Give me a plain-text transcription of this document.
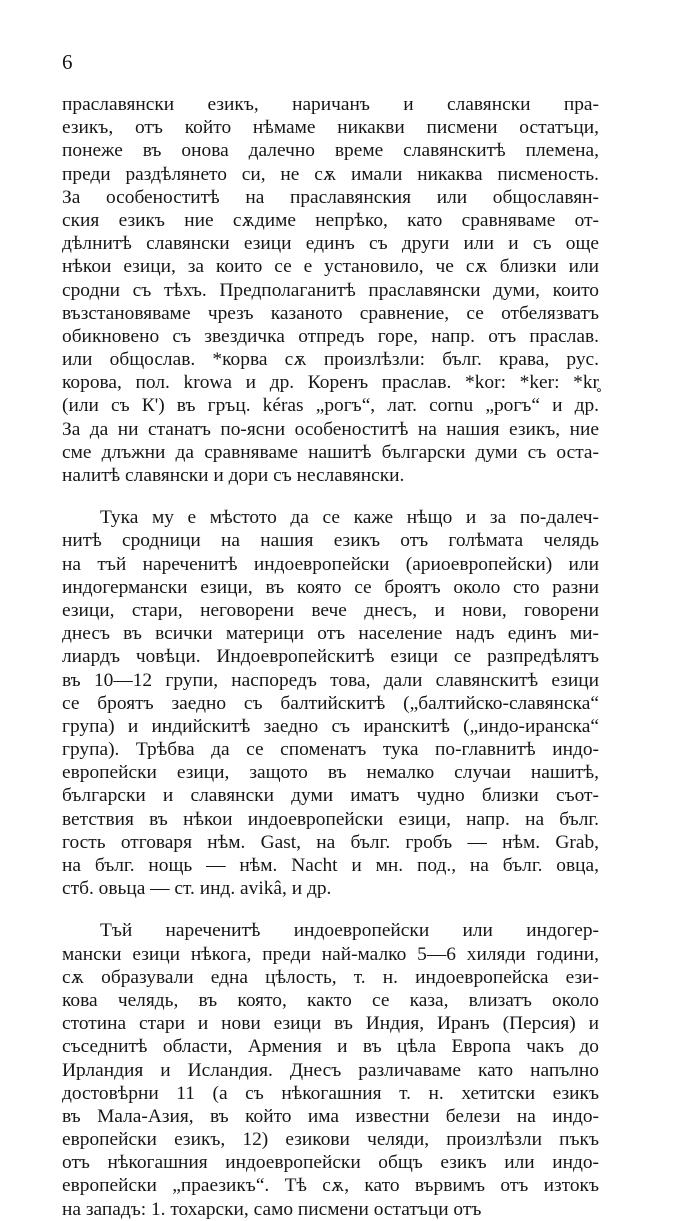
6
праславянски езикъ, наричанъ и славянски пра-
езикъ, отъ който нѣмаме никакви писмени остатъци,
понеже въ онова далечно време славянскитѣ племена,
преди раздѣлянето си, не сѫ имали никаква писменость.
За особеноститѣ на праславянския или общославян-
ския езикъ ние сѫдиме непрѣко, като сравняваме от-
дѣлнитѣ славянски езици единъ съ други или и съ още
нѣкои езици, за които се е установило, че сѫ близки или
сродни съ тѣхъ. Предполаганитѣ праславянски думи, които
възстановяваме чрезъ казаното сравнение, се отбелязватъ
обикновено съ звездичка отпредъ горе, напр. отъ праслав.
или общослав. *корва сѫ произлѣзли: бълг. крава, рус.
корова, пол. krowa и др. Коренъ праслав. *kor: *ker: *kr̥
(или съ К') въ гръц. kéras „рогъ“, лат. cornu „рогъ“ и др.
За да ни станатъ по-ясни особеноститѣ на нашия езикъ, ние
сме длъжни да сравняваме нашитѣ български думи съ оста-
налитѣ славянски и дори съ неславянски.
Тука му е мѣстото да се каже нѣщо и за по-далеч-
нитѣ сродници на нашия езикъ отъ голѣмата челядь
на тъй нареченитѣ индоевропейски (ариоевропейски) или
индогермански езици, въ която се броятъ около сто разни
езици, стари, неговорени вече днесъ, и нови, говорени
днесъ въ всички материци отъ население надъ единъ ми-
лиардъ човѣци. Индоевропейскитѣ езици се разпредѣлятъ
въ 10—12 групи, наспоредъ това, дали славянскитѣ езици
се броятъ заедно съ балтийскитѣ („балтийско-славянска“
група) и индийскитѣ заедно съ иранскитѣ („индо-иранска“
група). Трѣбва да се споменатъ тука по-главнитѣ индо-
европейски езици, защото въ немалко случаи нашитѣ,
български и славянски думи иматъ чудно близки съот-
ветствия въ нѣкои индоевропейски езици, напр. на бълг.
гость отговаря нѣм. Gast, на бълг. гробъ — нѣм. Grab,
на бълг. нощь — нѣм. Nacht и мн. под., на бълг. овца,
стб. овьца — ст. инд. avikâ, и др.
Тъй нареченитѣ индоевропейски или индогер-
мански езици нѣкога, преди най-малко 5—6 хиляди години,
сѫ образували една цѣлость, т. н. индоевропейска ези-
кова челядь, въ която, както се каза, влизатъ около
стотина стари и нови езици въ Индия, Иранъ (Персия) и
съседнитѣ области, Армения и въ цѣла Европа чакъ до
Ирландия и Исландия. Днесъ различаваме като напълно
достовѣрни 11 (а съ нѣкогашния т. н. хетитски езикъ
въ Мала-Азия, въ който има известни белези на индо-
европейски езикъ, 12) езикови челяди, произлѣзли пъкъ
отъ нѣкогашния индоевропейски общъ езикъ или индо-
европейски „праезикъ“. Тѣ сѫ, като вървимъ отъ изтокъ
на западъ: 1. тохарски, само писмени остатъци отъ
